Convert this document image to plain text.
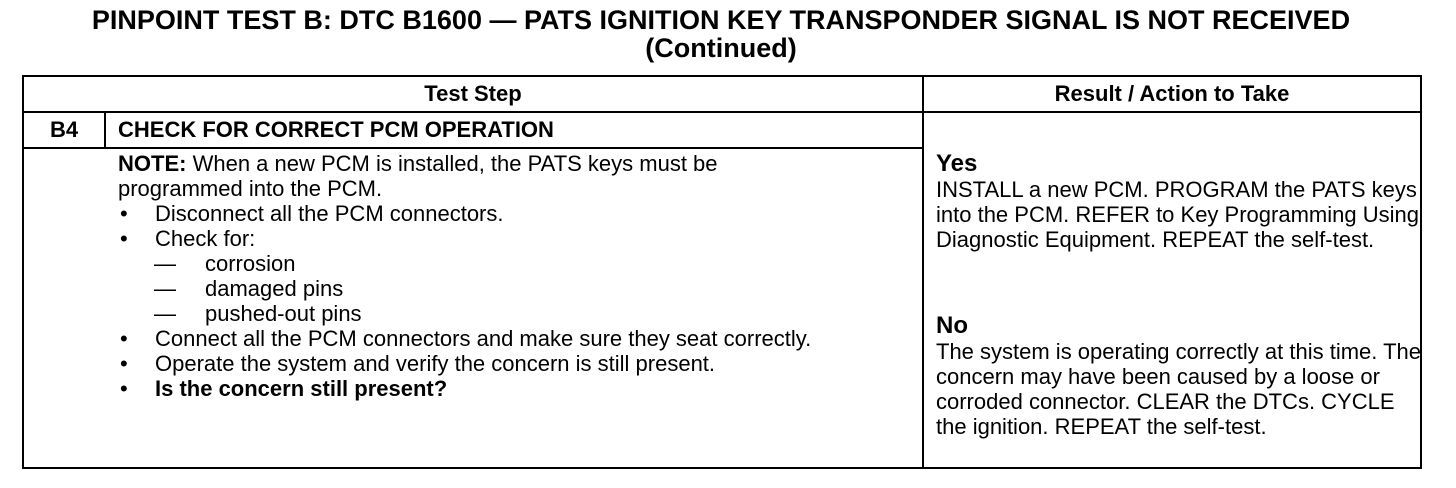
PINPOINT TEST B: DTC B1600 — PATS IGNITION KEY TRANSPONDER SIGNAL IS NOT RECEIVED
(Continued)
Test Step	Result / Action to Take
B4	CHECK FOR CORRECT PCM OPERATION

NOTE: When a new PCM is installed, the PATS keys must be programmed into the PCM.

• Disconnect all the PCM connectors.

• Check for:

— corrosion

— damaged pins

— pushed-out pins

• Connect all the PCM connectors and make sure they seat correctly.

• Operate the system and verify the concern is still present.

• Is the concern still present?

Yes

INSTALL a new PCM. PROGRAM the PATS keys into the PCM. REFER to Key Programming Using Diagnostic Equipment. REPEAT the self-test.

No

The system is operating correctly at this time. The concern may have been caused by a loose or corroded connector. CLEAR the DTCs. CYCLE the ignition. REPEAT the self-test.
